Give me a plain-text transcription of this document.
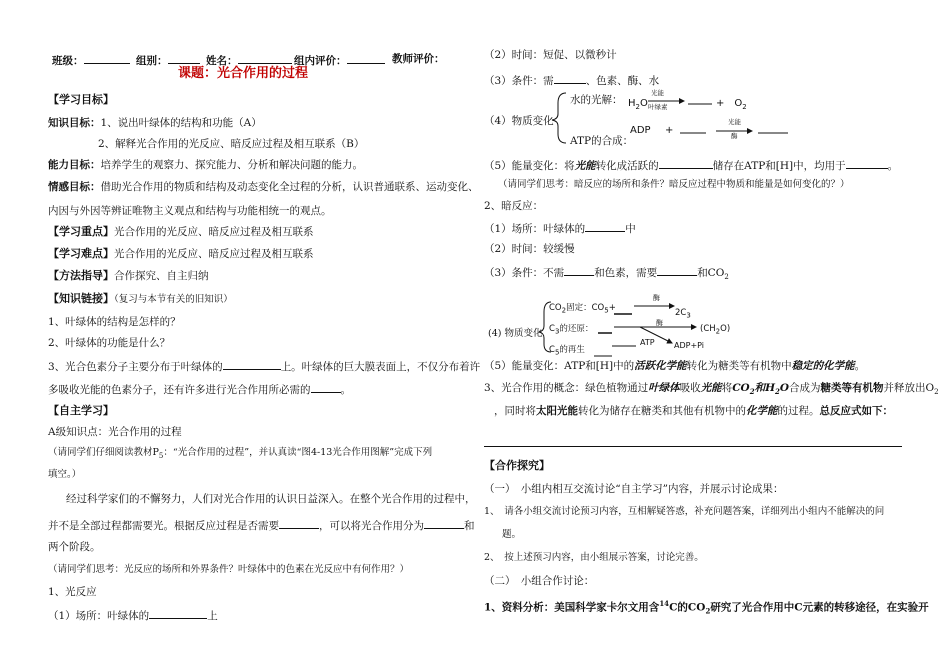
班级：	组别：	姓名：	组内评价：	教师评价：
课题：光合作用的过程
【学习目标】
知识目标：1、说出叶绿体的结构和功能（A）
2、解释光合作用的光反应、暗反应过程及相互联系（B）
能力目标：培养学生的观察力、探究能力、分析和解决问题的能力。
情感目标：借助光合作用的物质和结构及动态变化全过程的分析，认识普通联系、运动变化、
内因与外因等辨证唯物主义观点和结构与功能相统一的观点。
【学习重点】光合作用的光反应、暗反应过程及相互联系
【学习难点】光合作用的光反应、暗反应过程及相互联系
【方法指导】合作探究、自主归纳
【知识链接】（复习与本节有关的旧知识）
1、叶绿体的结构是怎样的？
2、叶绿体的功能是什么？
3、光合色素分子主要分布于叶绿体的	上。叶绿体的巨大膜表面上，不仅分布着许
多吸收光能的色素分子，还有许多进行光合作用所必需的	。
【自主学习】
A级知识点：光合作用的过程
（请同学们仔细阅读教材$P_5$：“光合作用的过程”，并认真读“图4-13光合作用图解”完成下列
填空。）
经过科学家们的不懈努力，人们对光合作用的认识日益深入。在整个光合作用的过程中，
并不是全部过程都需要光。根据反应过程是否需要	，可以将光合作用分为	和
两个阶段。
（请同学们思考：光反应的场所和外界条件？叶绿体中的色素在光反应中有何作用？）
1、光反应
（1）场所：叶绿体的	上
（2）时间：短促、以微秒计
（3）条件：需	、色素、酶、水
（4）物质变化
水的光解： $H_2O$
光能
叶绿素	+　$O_2$
ATP的合成：
ADP +
光能
酶
（5）能量变化：将光能转化成活跃的	储存在ATP和[H]中，均用于	。
（请同学们思考：暗反应的场所和条件？暗反应过程中物质和能量是如何变化的？）
2、暗反应：
（1）场所：叶绿体的	中
（2）时间：较缓慢
（3）条件：不需	和色素，需要	和$CO_2$
(4) 物质变化
$CO_2$固定：$CO_5+$
酶
$2C_3$
$C_3$的还原：
酶
$(CH_2O)$
ATP ADP+Pi
$C_5$的再生
（5）能量变化：ATP和[H]中的活跃化学能转化为糖类等有机物中稳定的化学能。
3、光合作用的概念：绿色植物通过叶绿体吸收光能将$CO_2$和$H_2O$合成为糖类等有机物并释放出$O_2$
，同时将太阳光能转化为储存在糖类和其他有机物中的化学能的过程。总反应式如下：
【合作探究】
（一）　小组内相互交流讨论“自主学习”内容，并展示讨论成果：
1、　请各小组交流讨论预习内容，互相解疑答惑，补充问题答案，详细列出小组内不能解决的问
题。
2、　按上述预习内容，由小组展示答案，讨论完善。
（二）　小组合作讨论：
1、资料分析：美国科学家卡尔文用含$^{14}$C的$CO_2$研究了光合作用中C元素的转移途径，在实验开
